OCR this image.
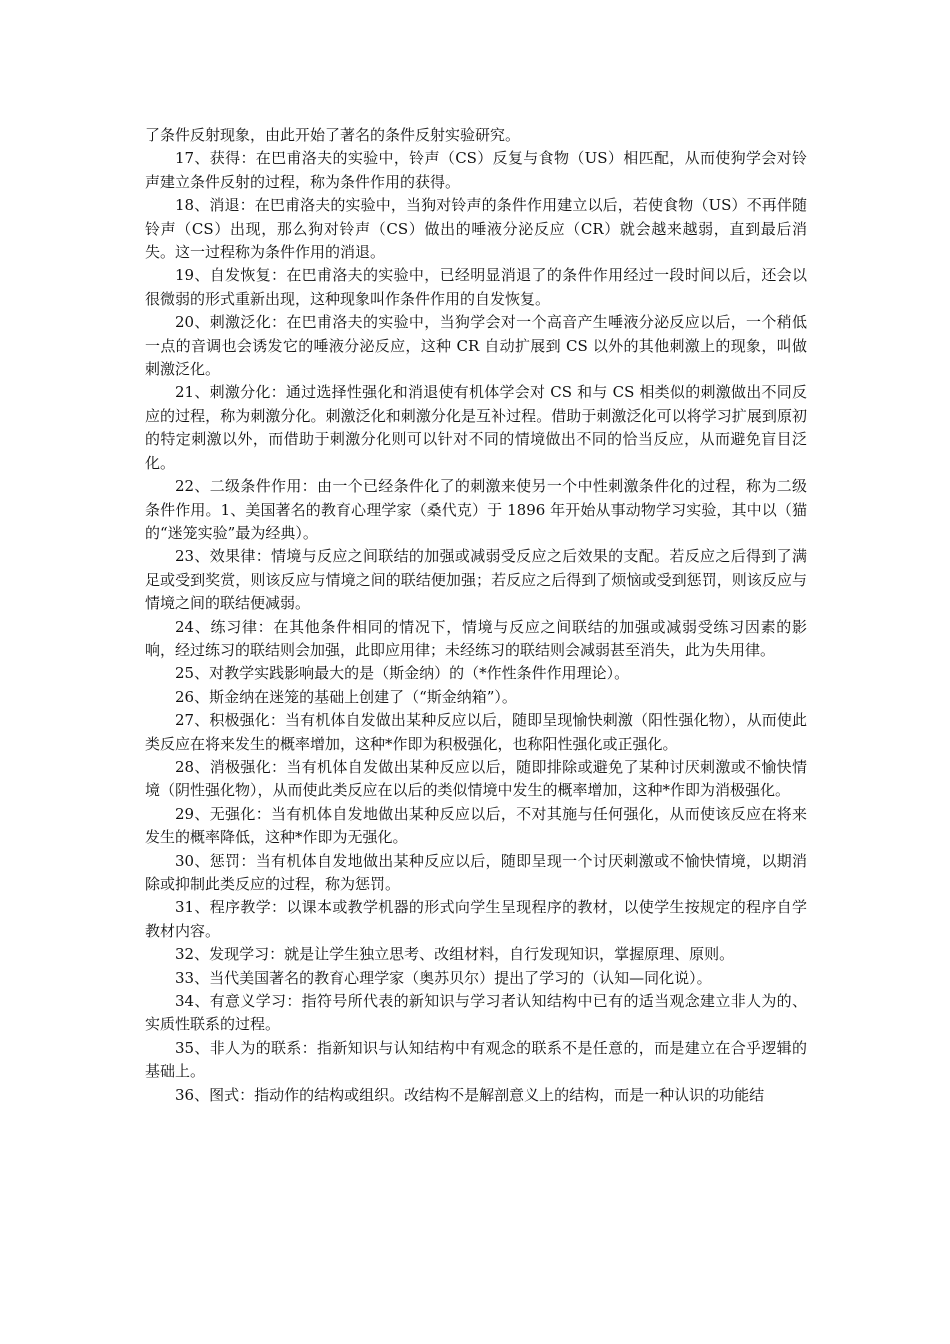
了条件反射现象，由此开始了著名的条件反射实验研究。

17、获得：在巴甫洛夫的实验中，铃声（CS）反复与食物（US）相匹配，从而使狗学会对铃声建立条件反射的过程，称为条件作用的获得。

18、消退：在巴甫洛夫的实验中，当狗对铃声的条件作用建立以后，若使食物（US）不再伴随铃声（CS）出现，那么狗对铃声（CS）做出的唾液分泌反应（CR）就会越来越弱，直到最后消失。这一过程称为条件作用的消退。

19、自发恢复：在巴甫洛夫的实验中，已经明显消退了的条件作用经过一段时间以后，还会以很微弱的形式重新出现，这种现象叫作条件作用的自发恢复。

20、刺激泛化：在巴甫洛夫的实验中，当狗学会对一个高音产生唾液分泌反应以后，一个稍低一点的音调也会诱发它的唾液分泌反应，这种 CR 自动扩展到 CS 以外的其他刺激上的现象，叫做刺激泛化。

21、刺激分化：通过选择性强化和消退使有机体学会对 CS 和与 CS 相类似的刺激做出不同反应的过程，称为刺激分化。刺激泛化和刺激分化是互补过程。借助于刺激泛化可以将学习扩展到原初的特定刺激以外，而借助于刺激分化则可以针对不同的情境做出不同的恰当反应，从而避免盲目泛化。

22、二级条件作用：由一个已经条件化了的刺激来使另一个中性刺激条件化的过程，称为二级条件作用。1、美国著名的教育心理学家（桑代克）于 1896 年开始从事动物学习实验，其中以（猫的“迷笼实验”最为经典）。

23、效果律：情境与反应之间联结的加强或减弱受反应之后效果的支配。若反应之后得到了满足或受到奖赏，则该反应与情境之间的联结便加强；若反应之后得到了烦恼或受到惩罚，则该反应与情境之间的联结便减弱。

24、练习律：在其他条件相同的情况下，情境与反应之间联结的加强或减弱受练习因素的影响，经过练习的联结则会加强，此即应用律；未经练习的联结则会减弱甚至消失，此为失用律。

25、对教学实践影响最大的是（斯金纳）的（*作性条件作用理论）。

26、斯金纳在迷笼的基础上创建了（“斯金纳箱”）。

27、积极强化：当有机体自发做出某种反应以后，随即呈现愉快刺激（阳性强化物），从而使此类反应在将来发生的概率增加，这种*作即为积极强化，也称阳性强化或正强化。

28、消极强化：当有机体自发做出某种反应以后，随即排除或避免了某种讨厌刺激或不愉快情境（阴性强化物），从而使此类反应在以后的类似情境中发生的概率增加，这种*作即为消极强化。

29、无强化：当有机体自发地做出某种反应以后，不对其施与任何强化，从而使该反应在将来发生的概率降低，这种*作即为无强化。

30、惩罚：当有机体自发地做出某种反应以后，随即呈现一个讨厌刺激或不愉快情境，以期消除或抑制此类反应的过程，称为惩罚。

31、程序教学：以课本或教学机器的形式向学生呈现程序的教材，以使学生按规定的程序自学教材内容。

32、发现学习：就是让学生独立思考、改组材料，自行发现知识，掌握原理、原则。

33、当代美国著名的教育心理学家（奥苏贝尔）提出了学习的（认知—同化说）。

34、有意义学习：指符号所代表的新知识与学习者认知结构中已有的适当观念建立非人为的、实质性联系的过程。

35、非人为的联系：指新知识与认知结构中有观念的联系不是任意的，而是建立在合乎逻辑的基础上。

36、图式：指动作的结构或组织。改结构不是解剖意义上的结构，而是一种认识的功能结
